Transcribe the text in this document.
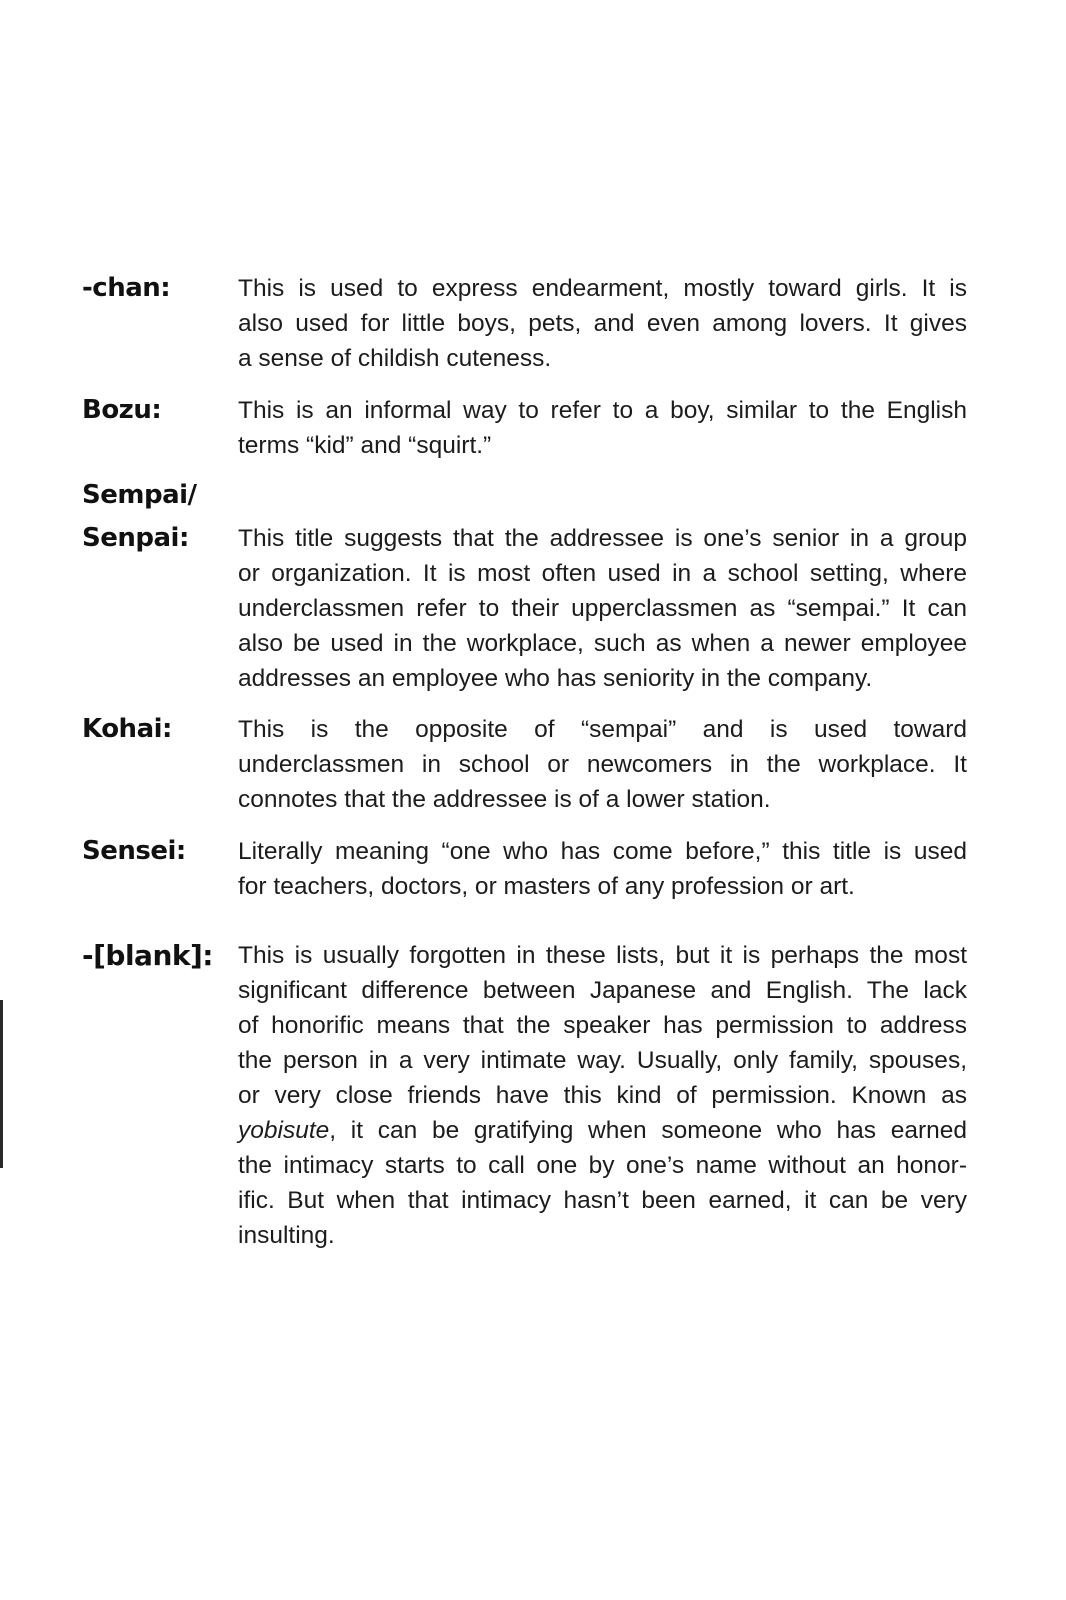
-chan:	This is used to express endearment, mostly toward girls. It is
also used for little boys, pets, and even among lovers. It gives
a sense of childish cuteness.
Bozu:	This is an informal way to refer to a boy, similar to the English
terms “kid” and “squirt.”
Sempai/
Senpai: This title suggests that the addressee is one’s senior in a group
or organization. It is most often used in a school setting, where
underclassmen refer to their upperclassmen as “sempai.” It can
also be used in the workplace, such as when a newer employee
addresses an employee who has seniority in the company.
Kohai:	This is the opposite of “sempai” and is used toward
underclassmen in school or newcomers in the workplace. It
connotes that the addressee is of a lower station.
Sensei: Literally meaning “one who has come before,” this title is used
for teachers, doctors, or masters of any profession or art.
-[blank]: This is usually forgotten in these lists, but it is perhaps the most
significant difference between Japanese and English. The lack
of honorific means that the speaker has permission to address
the person in a very intimate way. Usually, only family, spouses,
or very close friends have this kind of permission. Known as
yobisute, it can be gratifying when someone who has earned
the intimacy starts to call one by one’s name without an honor-
ific. But when that intimacy hasn’t been earned, it can be very
insulting.
